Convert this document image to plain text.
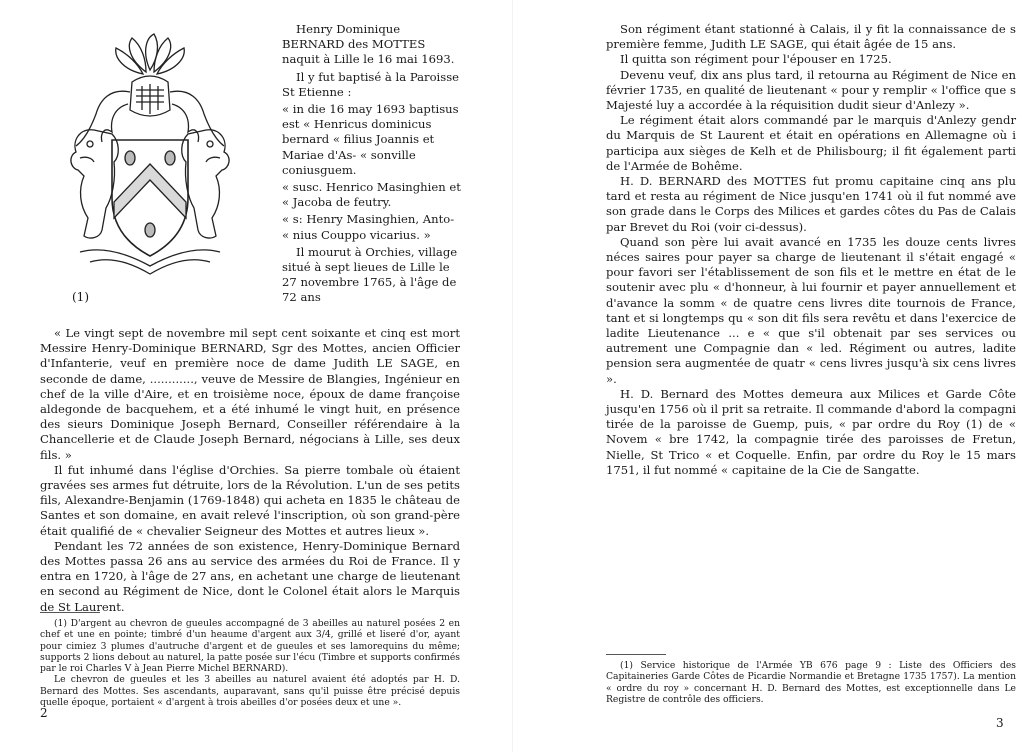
(1)

Henry Dominique BERNARD des MOTTES naquit à Lille le 16 mai 1693.

Il y fut baptisé à la Paroisse St Etienne :

« in die 16 may 1693 baptisus est « Henricus dominicus bernard « filius Joannis et Mariae d'As- « sonville coniusguem.

« susc. Henrico Masinghien et « Jacoba de feutry.

« s: Henry Masinghien, Anto- « nius Couppo vicarius. »

Il mourut à Orchies, village situé à sept lieues de Lille le 27 novembre 1765, à l'âge de 72 ans

« Le vingt sept de novembre mil sept cent soixante et cinq est mort Messire Henry-Dominique BERNARD, Sgr des Mottes, ancien Officier d'Infanterie, veuf en première noce de dame Judith LE SAGE, en seconde de dame, ............, veuve de Messire de Blangies, Ingénieur en chef de la ville d'Aire, et en troisième noce, époux de dame françoise aldegonde de bacquehem, et a été inhumé le vingt huit, en présence des sieurs Dominique Joseph Bernard, Conseiller référendaire à la Chancellerie et de Claude Joseph Bernard, négocians à Lille, ses deux fils. »

Il fut inhumé dans l'église d'Orchies. Sa pierre tombale où étaient gravées ses armes fut détruite, lors de la Révolution. L'un de ses petits fils, Alexandre-Benjamin (1769-1848) qui acheta en 1835 le château de Santes et son domaine, en avait relevé l'inscription, où son grand-père était qualifié de « chevalier Seigneur des Mottes et autres lieux ».

Pendant les 72 années de son existence, Henry-Dominique Bernard des Mottes passa 26 ans au service des armées du Roi de France. Il y entra en 1720, à l'âge de 27 ans, en achetant une charge de lieutenant en second au Régiment de Nice, dont le Colonel était alors le Marquis de St Laurent.

(1) D'argent au chevron de gueules accompagné de 3 abeilles au naturel posées 2 en chef et une en pointe; timbré d'un heaume d'argent aux 3/4, grillé et liseré d'or, ayant pour cimiez 3 plumes d'autruche d'argent et de gueules et ses lamorequins du même; supports 2 lions debout au naturel, la patte posée sur l'écu (Timbre et supports confirmés par le roi Charles V à Jean Pierre Michel BERNARD).

Le chevron de gueules et les 3 abeilles au naturel avaient été adoptés par H. D. Bernard des Mottes. Ses ascendants, auparavant, sans qu'il puisse être précisé depuis quelle époque, portaient « d'argent à trois abeilles d'or posées deux et une ».

2

Son régiment étant stationné à Calais, il y fit la connaissance de s première femme, Judith LE SAGE, qui était âgée de 15 ans.

Il quitta son régiment pour l'épouser en 1725.

Devenu veuf, dix ans plus tard, il retourna au Régiment de Nice en février 1735, en qualité de lieutenant « pour y remplir « l'office que s Majesté luy a accordée à la réquisition dudit sieur d'Anlezy ».

Le régiment était alors commandé par le marquis d'Anlezy gendr du Marquis de St Laurent et était en opérations en Allemagne où i participa aux sièges de Kelh et de Philisbourg; il fit également parti de l'Armée de Bohême.

H. D. BERNARD des MOTTES fut promu capitaine cinq ans plu tard et resta au régiment de Nice jusqu'en 1741 où il fut nommé ave son grade dans le Corps des Milices et gardes côtes du Pas de Calais par Brevet du Roi (voir ci-dessus).

Quand son père lui avait avancé en 1735 les douze cents livres néces saires pour payer sa charge de lieutenant il s'était engagé « pour favori ser l'établissement de son fils et le mettre en état de le soutenir avec plu « d'honneur, à lui fournir et payer annuellement et d'avance la somm « de quatre cens livres dite tournois de France, tant et si longtemps qu « son dit fils sera revêtu et dans l'exercice de ladite Lieutenance ... e « que s'il obtenait par ses services ou autrement une Compagnie dan « led. Régiment ou autres, ladite pension sera augmentée de quatr « cens livres jusqu'à six cens livres ».

H. D. Bernard des Mottes demeura aux Milices et Garde Côte jusqu'en 1756 où il prit sa retraite. Il commande d'abord la compagni tirée de la paroisse de Guemp, puis, « par ordre du Roy (1) de « Novem « bre 1742, la compagnie tirée des paroisses de Fretun, Nielle, St Trico « et Coquelle. Enfin, par ordre du Roy le 15 mars 1751, il fut nommé « capitaine de la Cie de Sangatte.

(1) Service historique de l'Armée YB 676 page 9 : Liste des Officiers des Capitaineries Garde Côtes de Picardie Normandie et Bretagne 1735 1757). La mention « ordre du roy » concernant H. D. Bernard des Mottes, est exceptionnelle dans Le Registre de contrôle des officiers.

3
